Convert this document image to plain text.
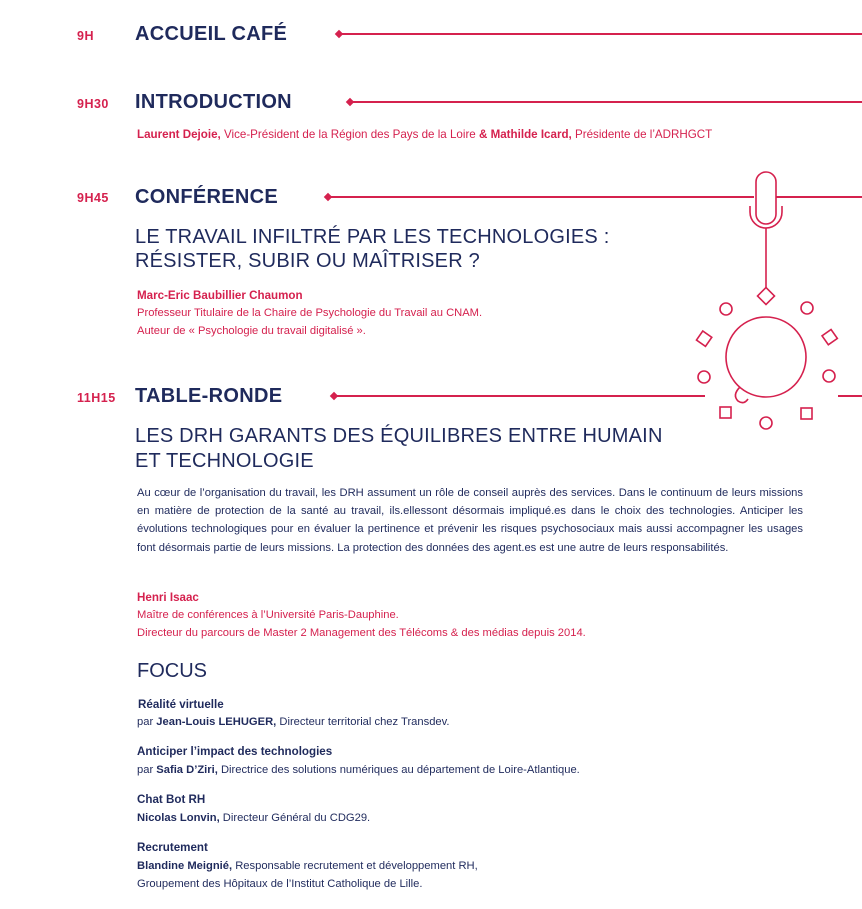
9H ACCUEIL CAFÉ
9H30 INTRODUCTION
Laurent Dejoie, Vice-Président de la Région des Pays de la Loire & Mathilde Icard, Présidente de l’ADRHGCT
9H45 CONFÉRENCE
LE TRAVAIL INFILTRÉ PAR LES TECHNOLOGIES :
RÉSISTER, SUBIR OU MAÎTRISER ?
Marc-Eric Baubillier Chaumon
Professeur Titulaire de la Chaire de Psychologie du Travail au CNAM.
Auteur de « Psychologie du travail digitalisé ».
11H15 TABLE-RONDE
LES DRH GARANTS DES ÉQUILIBRES ENTRE HUMAIN
ET TECHNOLOGIE
Au cœur de l’organisation du travail, les DRH assument un rôle de conseil auprès des services. Dans le continuum de leurs missions en matière de protection de la santé au travail, ils.ellessont désormais impliqué.es dans le choix des technologies. Anticiper les évolutions technologiques pour en évaluer la pertinence et prévenir les risques psychosociaux mais aussi accompagner les usages font désormais partie de leurs missions. La protection des données des agent.es est une autre de leurs responsabilités.
Henri Isaac
Maître de conférences à l’Université Paris-Dauphine.
Directeur du parcours de Master 2 Management des Télécoms & des médias depuis 2014.
FOCUS
Réalité virtuelle
par Jean-Louis LEHUGER, Directeur territorial chez Transdev.
Anticiper l’impact des technologies
par Safia D’Ziri, Directrice des solutions numériques au département de Loire-Atlantique.
Chat Bot RH
Nicolas Lonvin, Directeur Général du CDG29.
Recrutement
Blandine Meignié, Responsable recrutement et développement RH,
Groupement des Hôpitaux de l’Institut Catholique de Lille.
